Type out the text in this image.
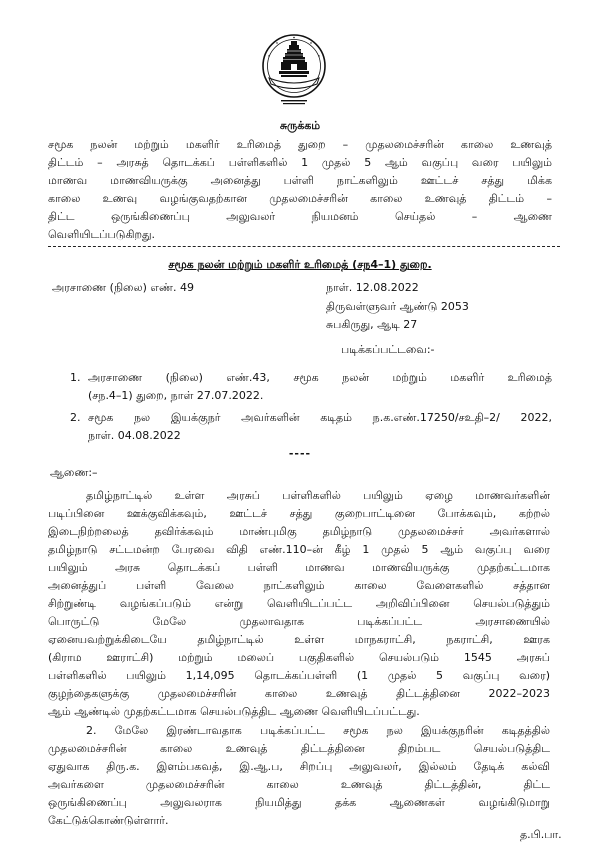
சுருக்கம்
சமூக நலன் மற்றும் மகளிர் உரிமைத் துறை – முதலமைச்சரின் காலை உணவுத்
திட்டம் – அரசுத் தொடக்கப் பள்ளிகளில் 1 முதல் 5 ஆம் வகுப்பு வரை பயிலும்
மாணவ மாணவியருக்கு அனைத்து பள்ளி நாட்களிலும் ஊட்டச் சத்து மிக்க
காலை உணவு வழங்குவதற்கான முதலமைச்சரின் காலை உணவுத் திட்டம் –
திட்ட ஒருங்கிணைப்பு அலுவலர் நியமனம் செய்தல் – ஆணை
வெளியிடப்படுகிறது.
சமூக நலன் மற்றும் மகளிர் உரிமைத் (சந4–1) துறை.
அரசாணை (நிலை) எண். 49	நாள். 12.08.2022
திருவள்ளுவர் ஆண்டு 2053
சுபகிருது, ஆடி 27
படிக்கப்பட்டவை:-
1. அரசாணை (நிலை) எண்.43, சமூக நலன் மற்றும் மகளிர் உரிமைத்
(சந.4–1) துறை, நாள் 27.07.2022.
2. சமூக நல இயக்குநர் அவர்களின் கடிதம் ந.க.எண்.17250/சஉதி–2/ 2022,
நாள். 04.08.2022
----
ஆணை:–
தமிழ்நாட்டில் உள்ள அரசுப் பள்ளிகளில் பயிலும் ஏழை மாணவர்களின்
படிப்பினை ஊக்குவிக்கவும், ஊட்டச் சத்து குறைபாட்டினை போக்கவும், கற்றல்
இடைநிற்றலைத் தவிர்க்கவும் மாண்புமிகு தமிழ்நாடு முதலமைச்சர் அவர்களால்
தமிழ்நாடு சட்டமன்ற பேரவை விதி எண்.110–ன் கீழ் 1 முதல் 5 ஆம் வகுப்பு வரை
பயிலும் அரசு தொடக்கப் பள்ளி மாணவ மாணவியருக்கு முதற்கட்டமாக
அனைத்துப் பள்ளி வேலை நாட்களிலும் காலை வேளைகளில் சத்தான
சிற்றுண்டி வழங்கப்படும் என்று வெளியிடப்பட்ட அறிவிப்பினை செயல்படுத்தும்
பொருட்டு மேலே முதலாவதாக படிக்கப்பட்ட அரசாணையில்
ஏனையவற்றுக்கிடையே தமிழ்நாட்டில் உள்ள மாநகராட்சி, நகராட்சி, ஊரக
(கிராம ஊராட்சி) மற்றும் மலைப் பகுதிகளில் செயல்படும் 1545 அரசுப்
பள்ளிகளில் பயிலும் 1,14,095 தொடக்கப்பள்ளி (1 முதல் 5 வகுப்பு வரை)
குழந்தைகளுக்கு முதலமைச்சரின் காலை உணவுத் திட்டத்தினை 2022–2023
ஆம் ஆண்டில் முதற்கட்டமாக செயல்படுத்திட ஆணை வெளியிடப்பட்டது.
2. மேலே இரண்டாவதாக படிக்கப்பட்ட சமூக நல இயக்குநரின் கடிதத்தில்
முதலமைச்சரின் காலை உணவுத் திட்டத்தினை திறம்பட செயல்படுத்திட
ஏதுவாக திரு.க. இளம்பகவத், இ.ஆ.ப, சிறப்பு அலுவலர், இல்லம் தேடிக் கல்வி
அவர்களை முதலமைச்சரின் காலை உணவுத் திட்டத்தின், திட்ட
ஒருங்கிணைப்பு அலுவலராக நியமித்து தக்க ஆணைகள் வழங்கிடுமாறு
கேட்டுக்கொண்டுள்ளார்.
த.பி.பா.
